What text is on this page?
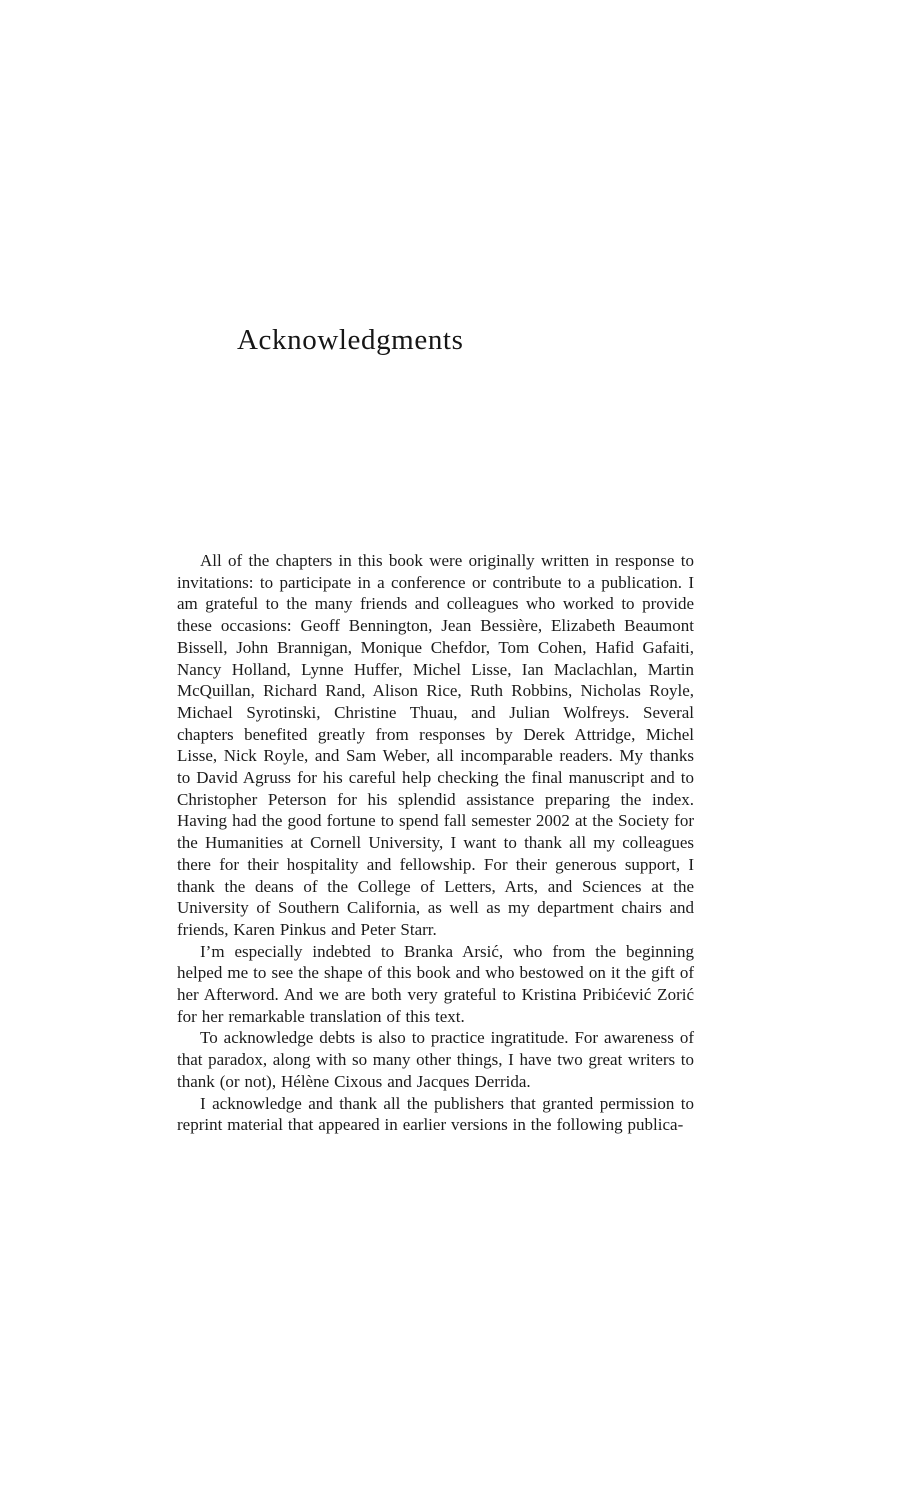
Acknowledgments

All of the chapters in this book were originally written in response to invitations: to participate in a conference or contribute to a publication. I am grateful to the many friends and colleagues who worked to provide these occasions: Geoff Bennington, Jean Bessière, Elizabeth Beaumont Bissell, John Brannigan, Monique Chefdor, Tom Cohen, Hafid Gafaiti, Nancy Holland, Lynne Huffer, Michel Lisse, Ian Maclachlan, Martin McQuillan, Richard Rand, Alison Rice, Ruth Robbins, Nicholas Royle, Michael Syrotinski, Christine Thuau, and Julian Wolfreys. Several chapters benefited greatly from responses by Derek Attridge, Michel Lisse, Nick Royle, and Sam Weber, all incomparable readers. My thanks to David Agruss for his careful help checking the final manuscript and to Christopher Peterson for his splendid assistance preparing the index. Having had the good fortune to spend fall semester 2002 at the Society for the Humanities at Cornell University, I want to thank all my colleagues there for their hospitality and fellowship. For their generous support, I thank the deans of the College of Letters, Arts, and Sciences at the University of Southern California, as well as my department chairs and friends, Karen Pinkus and Peter Starr.

I’m especially indebted to Branka Arsić, who from the beginning helped me to see the shape of this book and who bestowed on it the gift of her Afterword. And we are both very grateful to Kristina Pribićević Zorić for her remarkable translation of this text.

To acknowledge debts is also to practice ingratitude. For awareness of that paradox, along with so many other things, I have two great writers to thank (or not), Hélène Cixous and Jacques Derrida.

I acknowledge and thank all the publishers that granted permission to reprint material that appeared in earlier versions in the following publica-
